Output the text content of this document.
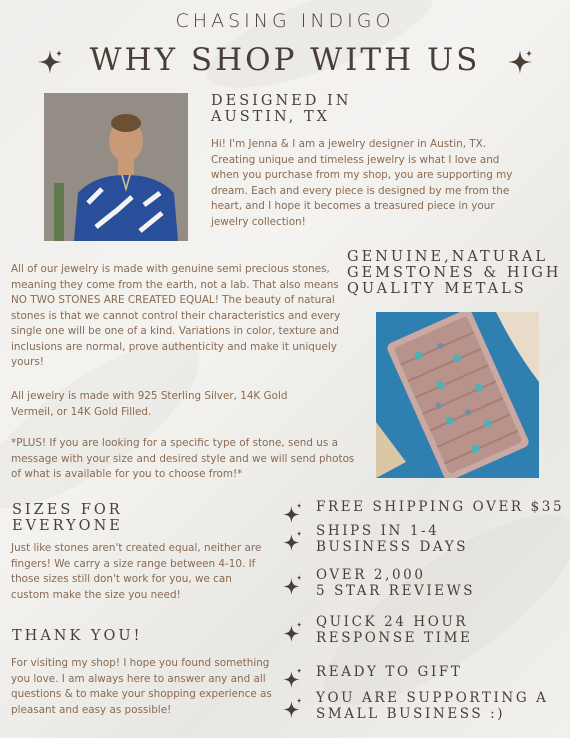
CHASING INDIGO
WHY SHOP WITH US
DESIGNED IN
AUSTIN, TX
Hi! I'm Jenna & I am a jewelry designer in Austin, TX. Creating unique and timeless jewelry is what I love and when you purchase from my shop, you are supporting my dream. Each and every piece is designed by me from the heart, and I hope it becomes a treasured piece in your jewelry collection!
GENUINE,NATURAL
GEMSTONES & HIGH
QUALITY METALS
All of our jewelry is made with genuine semi precious stones, meaning they come from the earth, not a lab. That also means NO TWO STONES ARE CREATED EQUAL! The beauty of natural stones is that we cannot control their characteristics and every single one will be one of a kind. Variations in color, texture and inclusions are normal, prove authenticity and make it uniquely yours!
All jewelry is made with 925 Sterling Silver, 14K Gold Vermeil, or 14K Gold Filled.
*PLUS! If you are looking for a specific type of stone, send us a message with your size and desired style and we will send photos of what is available for you to choose from!*
SIZES FOR
EVERYONE
Just like stones aren't created equal, neither are fingers! We carry a size range between 4-10. If those sizes still don't work for you, we can custom make the size you need!
THANK YOU!
For visiting my shop! I hope you found something you love. I am always here to answer any and all questions & to make your shopping experience as pleasant and easy as possible!
FREE SHIPPING OVER $35
SHIPS IN 1-4
BUSINESS DAYS
OVER 2,000
5 STAR REVIEWS
QUICK 24 HOUR
RESPONSE TIME
READY TO GIFT
YOU ARE SUPPORTING A
SMALL BUSINESS :)
